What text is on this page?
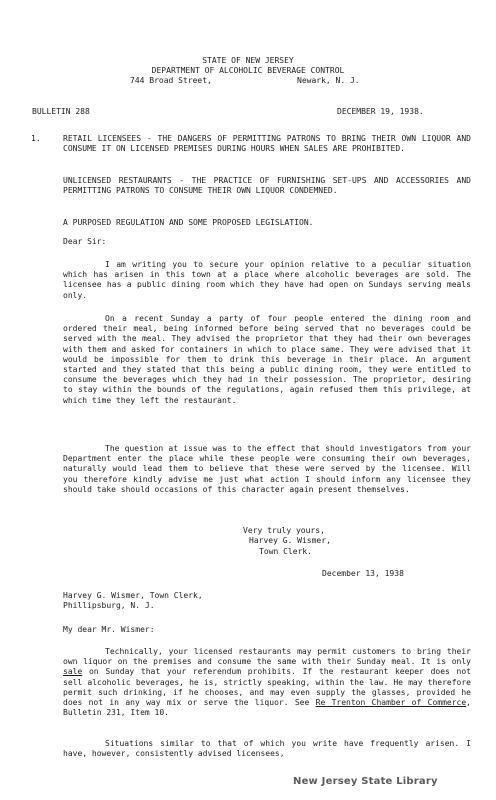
STATE OF NEW JERSEY
DEPARTMENT OF ALCOHOLIC BEVERAGE CONTROL
744 Broad Street,	Newark, N. J.
BULLETIN 288	DECEMBER 19, 1938.
1.	RETAIL LICENSEES - THE DANGERS OF PERMITTING PATRONS TO BRING THEIR OWN LIQUOR AND CONSUME IT ON LICENSED PREMISES DURING HOURS WHEN SALES ARE PROHIBITED.
UNLICENSED RESTAURANTS - THE PRACTICE OF FURNISHING SET-UPS AND ACCESSORIES AND PERMITTING PATRONS TO CONSUME THEIR OWN LIQUOR CONDEMNED.
A PURPOSED REGULATION AND SOME PROPOSED LEGISLATION.
Dear Sir:
I am writing you to secure your opinion relative to a peculiar situation which has arisen in this town at a place where alcoholic beverages are sold. The licensee has a public dining room which they have had open on Sundays serving meals only.
On a recent Sunday a party of four people entered the dining room and ordered their meal, being informed before being served that no beverages could be served with the meal. They advised the proprietor that they had their own beverages with them and asked for containers in which to place same. They were advised that it would be impossible for them to drink this beverage in their place. An argument started and they stated that this being a public dining room, they were entitled to consume the beverages which they had in their possession. The proprietor, desiring to stay within the bounds of the regulations, again refused them this privilege, at which time they left the restaurant.
The question at issue was to the effect that should investigators from your Department enter the place while these people were consuming their own beverages, naturally would lead them to believe that these were served by the licensee. Will you therefore kindly advise me just what action I should inform any licensee they should take should occasions of this character again present themselves.
Very truly yours,
Harvey G. Wismer,
Town Clerk.
December 13, 1938
Harvey G. Wismer, Town Clerk,
Phillipsburg, N. J.
My dear Mr. Wismer:
Technically, your licensed restaurants may permit customers to bring their own liquor on the premises and consume the same with their Sunday meal. It is only sale on Sunday that your referendum prohibits. If the restaurant keeper does not sell alcoholic beverages, he is, strictly speaking, within the law. He may therefore permit such drinking, if he chooses, and may even supply the glasses, provided he does not in any way mix or serve the liquor. See Re Trenton Chamber of Commerce, Bulletin 231, Item 10.
Situations similar to that of which you write have frequently arisen. I have, however, consistently advised licensees,
New Jersey State Library
